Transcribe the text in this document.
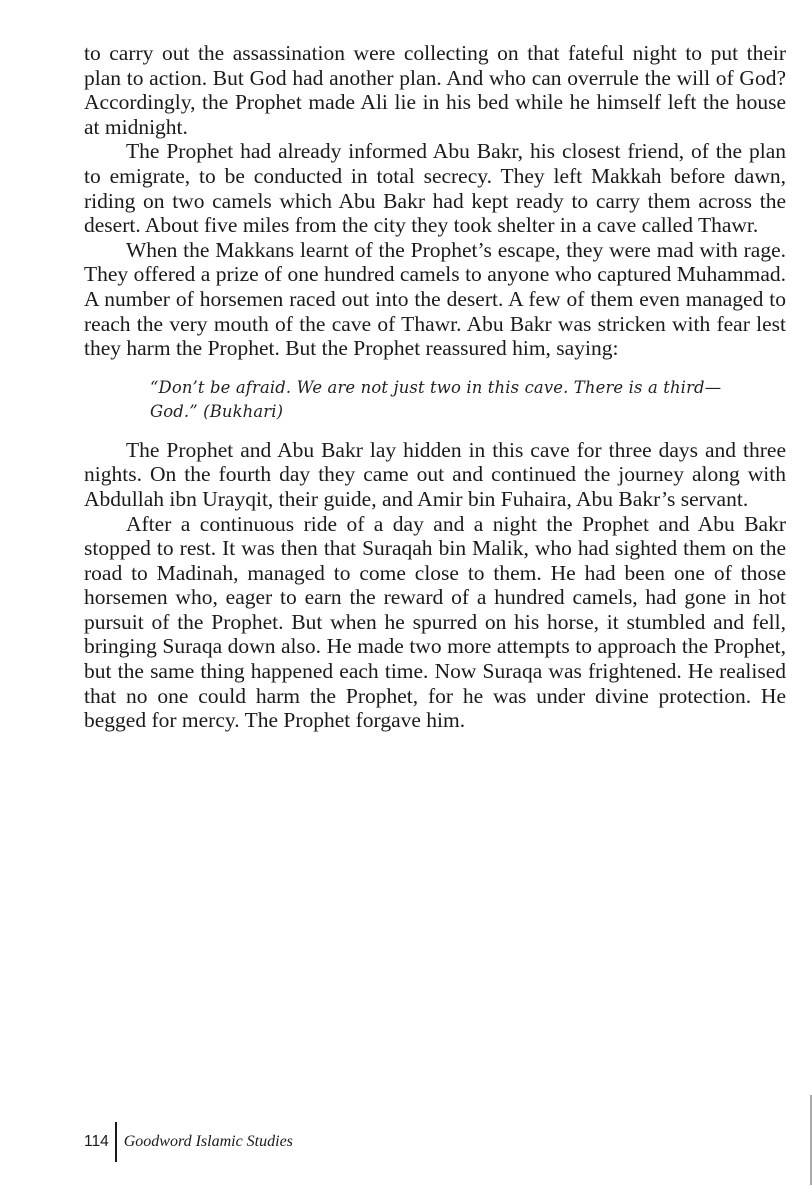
to carry out the assassination were collecting on that fateful night to put their plan to action. But God had another plan. And who can overrule the will of God? Accordingly, the Prophet made Ali lie in his bed while he himself left the house at midnight.

The Prophet had already informed Abu Bakr, his closest friend, of the plan to emigrate, to be conducted in total secrecy. They left Makkah before dawn, riding on two camels which Abu Bakr had kept ready to carry them across the desert. About five miles from the city they took shelter in a cave called Thawr.

When the Makkans learnt of the Prophet’s escape, they were mad with rage. They offered a prize of one hundred camels to anyone who captured Muhammad. A number of horsemen raced out into the desert. A few of them even managed to reach the very mouth of the cave of Thawr. Abu Bakr was stricken with fear lest they harm the Prophet. But the Prophet reassured him, saying:

“Don’t be afraid. We are not just two in this cave. There is a third—God.” (Bukhari)

The Prophet and Abu Bakr lay hidden in this cave for three days and three nights. On the fourth day they came out and continued the journey along with Abdullah ibn Urayqit, their guide, and Amir bin Fuhaira, Abu Bakr’s servant.

After a continuous ride of a day and a night the Prophet and Abu Bakr stopped to rest. It was then that Suraqah bin Malik, who had sighted them on the road to Madinah, managed to come close to them. He had been one of those horsemen who, eager to earn the reward of a hundred camels, had gone in hot pursuit of the Prophet. But when he spurred on his horse, it stumbled and fell, bringing Suraqa down also. He made two more attempts to approach the Prophet, but the same thing happened each time. Now Suraqa was frightened. He realised that no one could harm the Prophet, for he was under divine protection. He begged for mercy. The Prophet forgave him.

114 Goodword Islamic Studies
